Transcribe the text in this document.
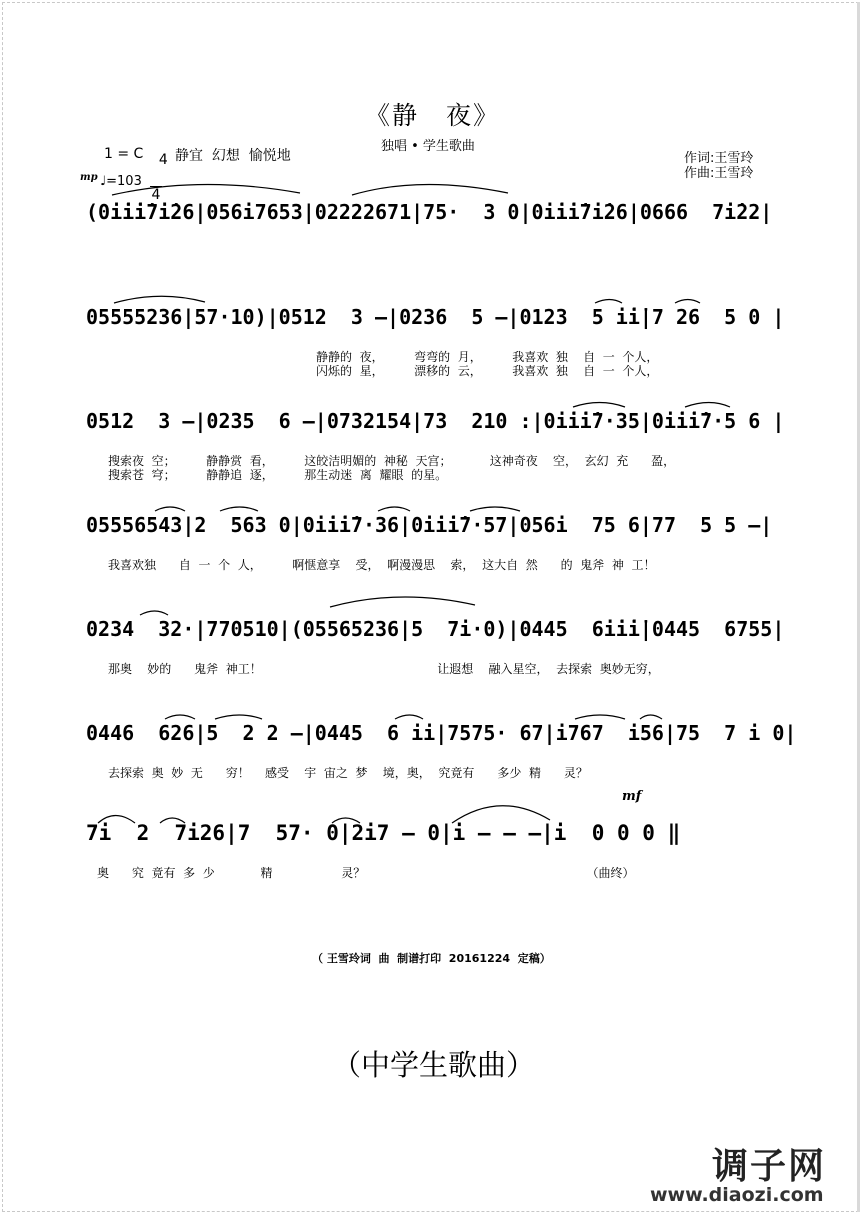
《静　夜》
独唱 • 学生歌曲
作词:王雪玲
作曲:王雪玲
1 = C	4

4

静宜  幻想  愉悦地
mp ♩=103
(0i̇i̇i̇7i̇26|056i7653|02222671|75·  3 0|0i̇i̇i̇7i̇26|0666  7i̇22|
05555236|57·10)|0512  3 –|0236  5 –|0123  5 i̇i̇|7 26  5 0 |
0512  3 –|0235  6 –|0732154|73  210 :|0i̇i̇i̇7·35|0i̇i̇i̇7·5 6 |
05556543|2  563 0|0i̇i̇i̇7·36|0i̇i̇i̇7·57|056i  75 6|77  5 5 –|
0234  32·|770510|(05565236|5  7i·0)|0445  6i̇i̇i̇|0445  6755|
0446  626|5  2 2 –|0445  6 ii|7575· 67|i767  i56|75  7 i 0|
7i  2  7i26|7  57· 0|2i7 – 0|i – – –|i  0 0 0 ‖
静静的  夜，        弯弯的  月，        我喜欢  独    自  一  个人，
闪烁的  星，        漂移的  云，        我喜欢  独    自  一  个人，
搜索夜  空；        静静赏  看，        这皎洁明媚的  神秘  天宫；          这神奇夜    空，  玄幻  充      盈，
搜索苍  穹；        静静追  逐，        那生动迷  离  耀眼  的星。
我喜欢独      自  一  个  人，        啊惬意享    受，  啊漫漫思    索，  这大自  然      的  鬼斧  神  工！
那奥    妙的      鬼斧  神工！                                              让遐想    融入星空，  去探索  奥妙无穷，
去探索  奥  妙  无      穷！    感受    宇  宙之  梦    境，奥，  究竟有      多少  精      灵？
奥      究  竟有  多  少            精                  灵？                                                          （曲终）
mf
（ 王雪玲词  曲  制谱打印  20161224  定稿）
（中学生歌曲）
调子网
www.diaozi.com
